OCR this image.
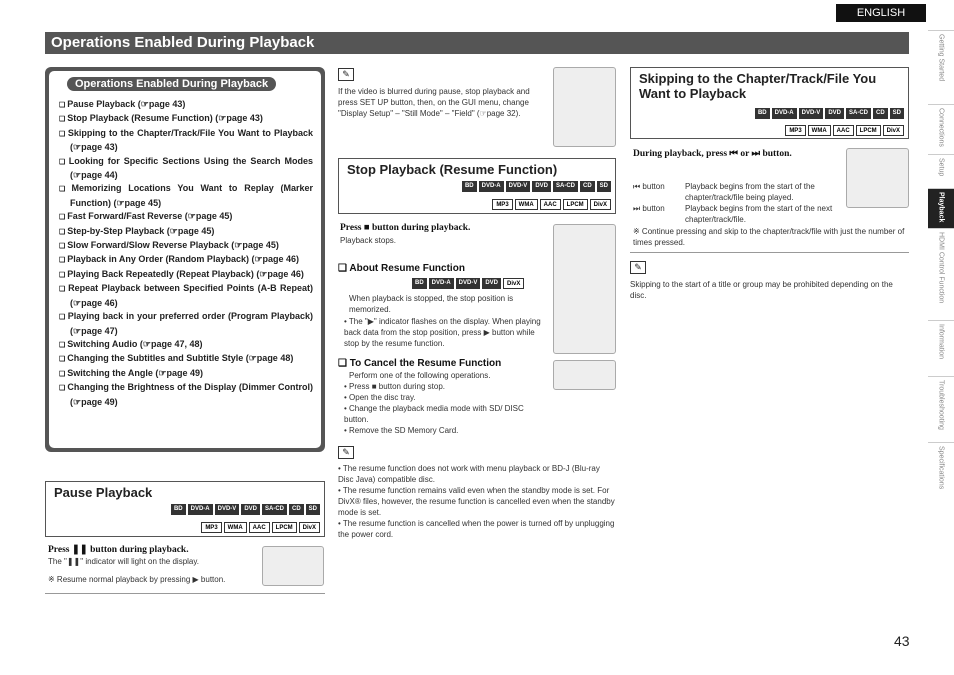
ENGLISH
Operations Enabled During Playback	Getting Started
Connections
Setup
Playback
HDMI Control Function
Information
Troubleshooting
Specifications
Operations Enabled During Playback
❏ Pause Playback (☞page 43)
❏ Stop Playback (Resume Function) (☞page 43)
❏ Skipping to the Chapter/Track/File You Want to Playback (☞page 43)
❏ Looking for Specific Sections Using the Search Modes (☞page 44)
❏ Memorizing Locations You Want to Replay (Marker Function) (☞page 45)
❏ Fast Forward/Fast Reverse (☞page 45)
❏ Step-by-Step Playback (☞page 45)
❏ Slow Forward/Slow Reverse Playback (☞page 45)
❏ Playback in Any Order (Random Playback) (☞page 46)
❏ Playing Back Repeatedly (Repeat Playback) (☞page 46)
❏ Repeat Playback between Specified Points (A-B Repeat) (☞page 46)
❏ Playing back in your preferred order (Program Playback) (☞page 47)
❏ Switching Audio (☞page 47, 48)
❏ Changing the Subtitles and Subtitle Style (☞page 48)
❏ Switching the Angle (☞page 49)
❏ Changing the Brightness of the Display (Dimmer Control) (☞page 49)
Pause Playback
BD	DVD-A	DVD-V	DVD	SA-CD	CD	SD
MP3	WMA	AAC	LPCM	DivX
Press ❚❚ button during playback.
The "❚❚" indicator will light on the display.
※ Resume normal playback by pressing ▶ button.
✎
If the video is blurred during pause, stop playback and press SET UP button, then, on the GUI menu, change "Display Setup" – "Still Mode" – "Field" (☞page 32).
Stop Playback (Resume Function)
BD	DVD-A	DVD-V	DVD	SA-CD	CD	SD
MP3	WMA	AAC	LPCM	DivX
Press ■ button during playback.
Playback stops.
❏ About Resume Function
BD	DVD-A	DVD-V	DVD	DivX
When playback is stopped, the stop position is memorized.
• The "▶" indicator flashes on the display. When playing back data from the stop position, press ▶ button while stop by the resume function.
❏ To Cancel the Resume Function
Perform one of the following operations.
• Press ■ button during stop.
• Open the disc tray.
• Change the playback media mode with SD/ DISC button.
• Remove the SD Memory Card.
✎
• The resume function does not work with menu playback or BD-J (Blu-ray Disc Java) compatible disc.
• The resume function remains valid even when the standby mode is set. For DivX® files, however, the resume function is cancelled even when the standby mode is set.
• The resume function is cancelled when the power is turned off by unplugging the power cord.
Skipping to the Chapter/Track/File You Want to Playback
BD	DVD-A	DVD-V	DVD	SA-CD	CD	SD
MP3	WMA	AAC	LPCM	DivX
During playback, press ⏮ or ⏭ button.
⏮ button	Playback begins from the start of the chapter/track/file being played.
⏭ button	Playback begins from the start of the next chapter/track/file.
※ Continue pressing and skip to the chapter/track/file with just the number of times pressed.
✎
Skipping to the start of a title or group may be prohibited depending on the disc.
43
